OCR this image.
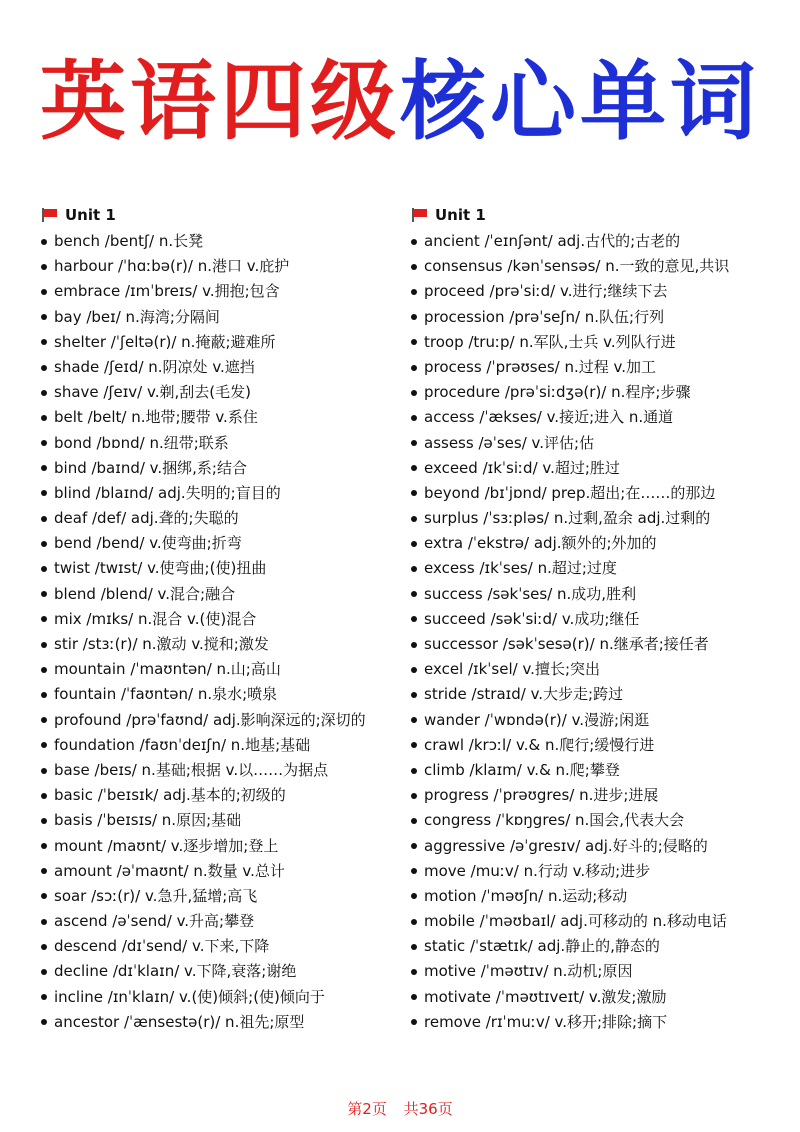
英语四级核心单词
Unit 1
bench /bentʃ/ n.长凳
harbour /ˈhɑːbə(r)/ n.港口 v.庇护
embrace /ɪmˈbreɪs/ v.拥抱;包含
bay /beɪ/ n.海湾;分隔间
shelter /ˈʃeltə(r)/ n.掩蔽;避难所
shade /ʃeɪd/ n.阴凉处 v.遮挡
shave /ʃeɪv/ v.剃,刮去(毛发)
belt /belt/ n.地带;腰带 v.系住
bond /bɒnd/ n.纽带;联系
bind /baɪnd/ v.捆绑,系;结合
blind /blaɪnd/ adj.失明的;盲目的
deaf /def/ adj.聋的;失聪的
bend /bend/ v.使弯曲;折弯
twist /twɪst/ v.使弯曲;(使)扭曲
blend /blend/ v.混合;融合
mix /mɪks/ n.混合 v.(使)混合
stir /stɜː(r)/ n.激动 v.搅和;激发
mountain /ˈmaʊntən/ n.山;高山
fountain /ˈfaʊntən/ n.泉水;喷泉
profound /prəˈfaʊnd/ adj.影响深远的;深切的
foundation /faʊnˈdeɪʃn/ n.地基;基础
base /beɪs/ n.基础;根据 v.以……为据点
basic /ˈbeɪsɪk/ adj.基本的;初级的
basis /ˈbeɪsɪs/ n.原因;基础
mount /maʊnt/ v.逐步增加;登上
amount /əˈmaʊnt/ n.数量 v.总计
soar /sɔː(r)/ v.急升,猛增;高飞
ascend /əˈsend/ v.升高;攀登
descend /dɪˈsend/ v.下来,下降
decline /dɪˈklaɪn/ v.下降,衰落;谢绝
incline /ɪnˈklaɪn/ v.(使)倾斜;(使)倾向于
ancestor /ˈænsestə(r)/ n.祖先;原型
Unit 1
ancient /ˈeɪnʃənt/ adj.古代的;古老的
consensus /kənˈsensəs/ n.一致的意见,共识
proceed /prəˈsiːd/ v.进行;继续下去
procession /prəˈseʃn/ n.队伍;行列
troop /truːp/ n.军队,士兵 v.列队行进
process /ˈprəʊses/ n.过程 v.加工
procedure /prəˈsiːdʒə(r)/ n.程序;步骤
access /ˈækses/ v.接近;进入 n.通道
assess /əˈses/ v.评估;估
exceed /ɪkˈsiːd/ v.超过;胜过
beyond /bɪˈjɒnd/ prep.超出;在……的那边
surplus /ˈsɜːpləs/ n.过剩,盈余 adj.过剩的
extra /ˈekstrə/ adj.额外的;外加的
excess /ɪkˈses/ n.超过;过度
success /səkˈses/ n.成功,胜利
succeed /səkˈsiːd/ v.成功;继任
successor /səkˈsesə(r)/ n.继承者;接任者
excel /ɪkˈsel/ v.擅长;突出
stride /straɪd/ v.大步走;跨过
wander /ˈwɒndə(r)/ v.漫游;闲逛
crawl /krɔːl/ v.& n.爬行;缓慢行进
climb /klaɪm/ v.& n.爬;攀登
progress /ˈprəʊgres/ n.进步;进展
congress /ˈkɒŋgres/ n.国会,代表大会
aggressive /əˈgresɪv/ adj.好斗的;侵略的
move /muːv/ n.行动 v.移动;进步
motion /ˈməʊʃn/ n.运动;移动
mobile /ˈməʊbaɪl/ adj.可移动的 n.移动电话
static /ˈstætɪk/ adj.静止的,静态的
motive /ˈməʊtɪv/ n.动机;原因
motivate /ˈməʊtɪveɪt/ v.激发;激励
remove /rɪˈmuːv/ v.移开;排除;摘下
第2页 共36页
